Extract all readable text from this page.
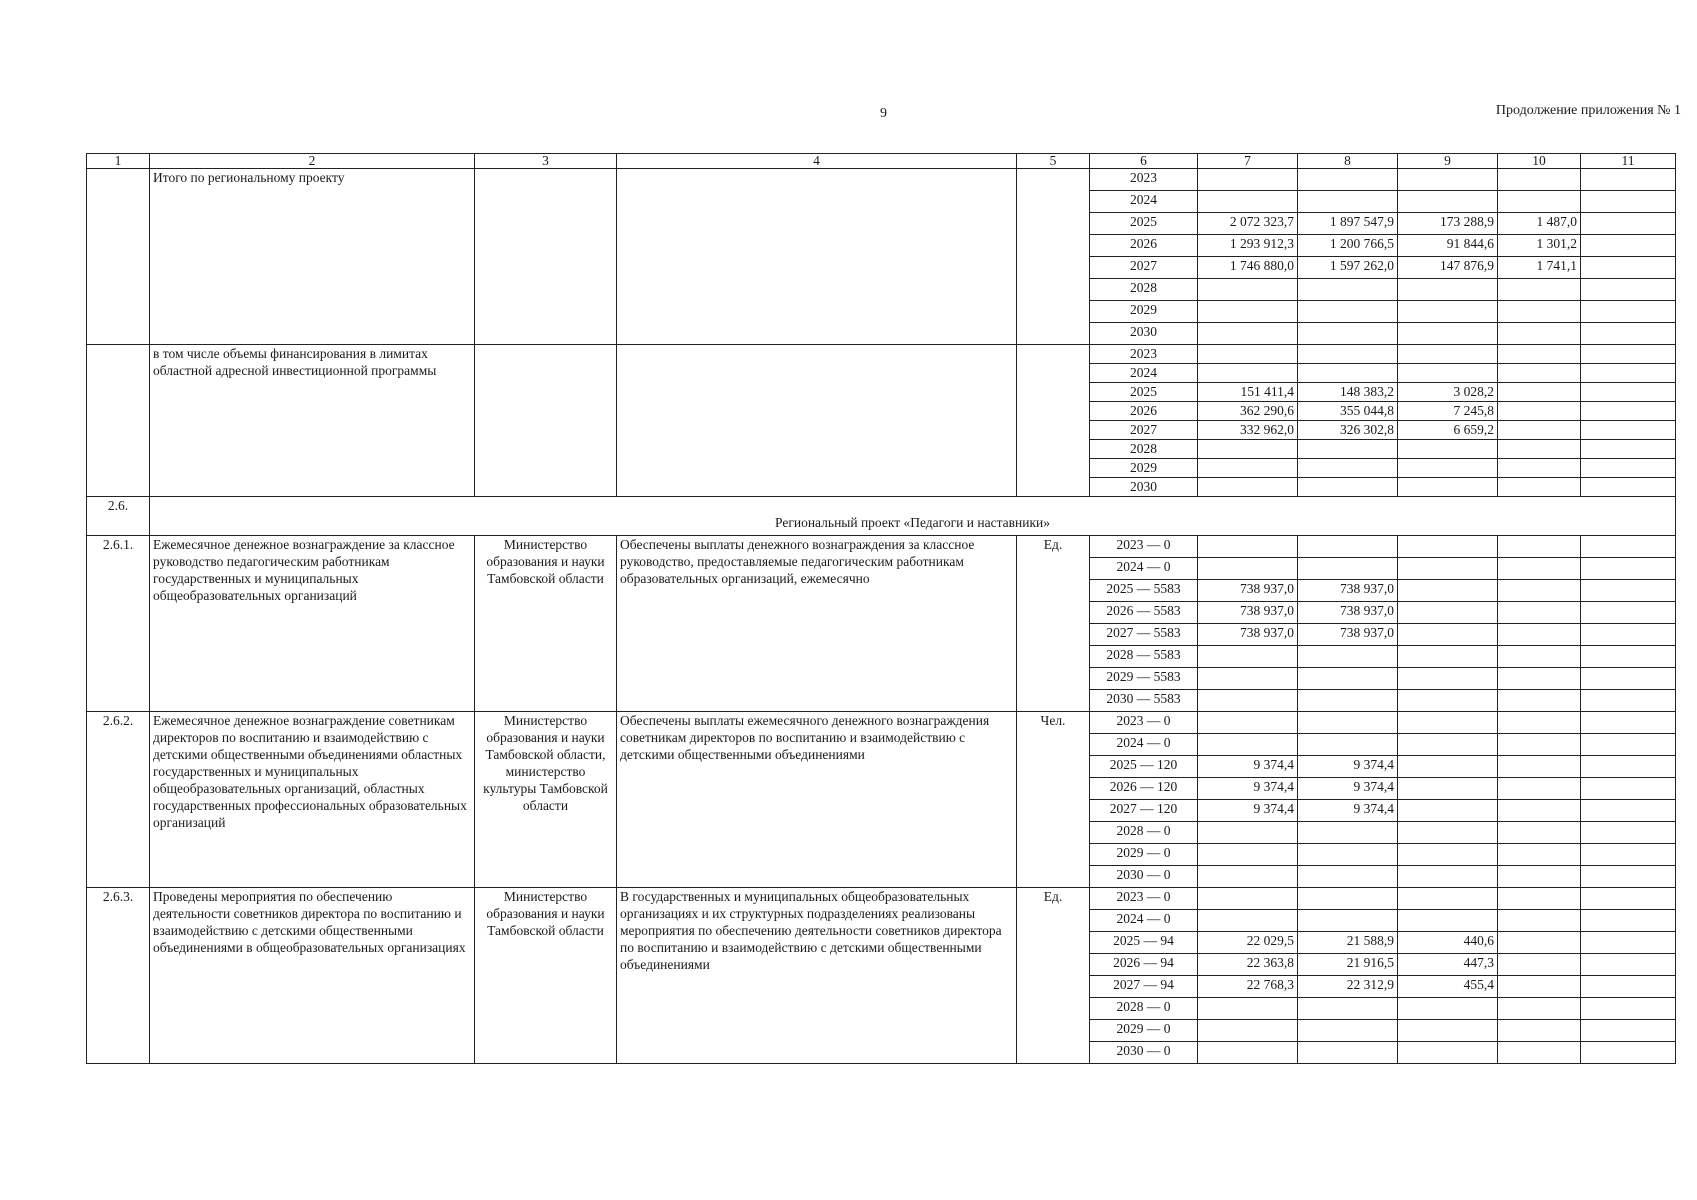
9	Продолжение приложения № 1
1	2	3	4	5	6	7	8	9	10	11
	Итого по региональному проекту				2023					
					2024					
					2025	2 072 323,7	1 897 547,9	173 288,9	1 487,0	
					2026	1 293 912,3	1 200 766,5	91 844,6	1 301,2	
					2027	1 746 880,0	1 597 262,0	147 876,9	1 741,1	
					2028					
					2029					
					2030					
	в том числе объемы финансирования в лимитах областной адресной инвестиционной программы				2023					
					2024					
					2025	151 411,4	148 383,2	3 028,2		
					2026	362 290,6	355 044,8	7 245,8		
					2027	332 962,0	326 302,8	6 659,2		
					2028					
					2029					
					2030					
2.6.	Региональный проект «Педагоги и наставники»									
2.6.1.	Ежемесячное денежное вознаграждение за классное руководство педагогическим работникам государственных и муниципальных общеобразовательных организаций	Министерство образования и науки Тамбовской области	Обеспечены выплаты денежного вознаграждения за классное руководство, предоставляемые педагогическим работникам образовательных организаций, ежемесячно	Ед.	2023 — 0					
					2024 — 0					
					2025 — 5583	738 937,0	738 937,0			
					2026 — 5583	738 937,0	738 937,0			
					2027 — 5583	738 937,0	738 937,0			
					2028 — 5583					
					2029 — 5583					
					2030 — 5583					
2.6.2.	Ежемесячное денежное вознаграждение советникам директоров по воспитанию и взаимодействию с детскими общественными объединениями областных государственных и муниципальных общеобразовательных организаций, областных государственных профессиональных образовательных организаций	Министерство образования и науки Тамбовской области, министерство культуры Тамбовской области	Обеспечены выплаты ежемесячного денежного вознаграждения советникам директоров по воспитанию и взаимодействию с детскими общественными объединениями	Чел.	2023 — 0					
					2024 — 0					
					2025 — 120	9 374,4	9 374,4			
					2026 — 120	9 374,4	9 374,4			
					2027 — 120	9 374,4	9 374,4			
					2028 — 0					
					2029 — 0					
					2030 — 0					
2.6.3.	Проведены мероприятия по обеспечению деятельности советников директора по воспитанию и взаимодействию с детскими общественными объединениями в общеобразовательных организациях	Министерство образования и науки Тамбовской области	В государственных и муниципальных общеобразовательных организациях и их структурных подразделениях реализованы мероприятия по обеспечению деятельности советников директора по воспитанию и взаимодействию с детскими общественными объединениями	Ед.	2023 — 0					
					2024 — 0					
					2025 — 94	22 029,5	21 588,9	440,6		
					2026 — 94	22 363,8	21 916,5	447,3		
					2027 — 94	22 768,3	22 312,9	455,4		
					2028 — 0					
					2029 — 0					
					2030 — 0					
